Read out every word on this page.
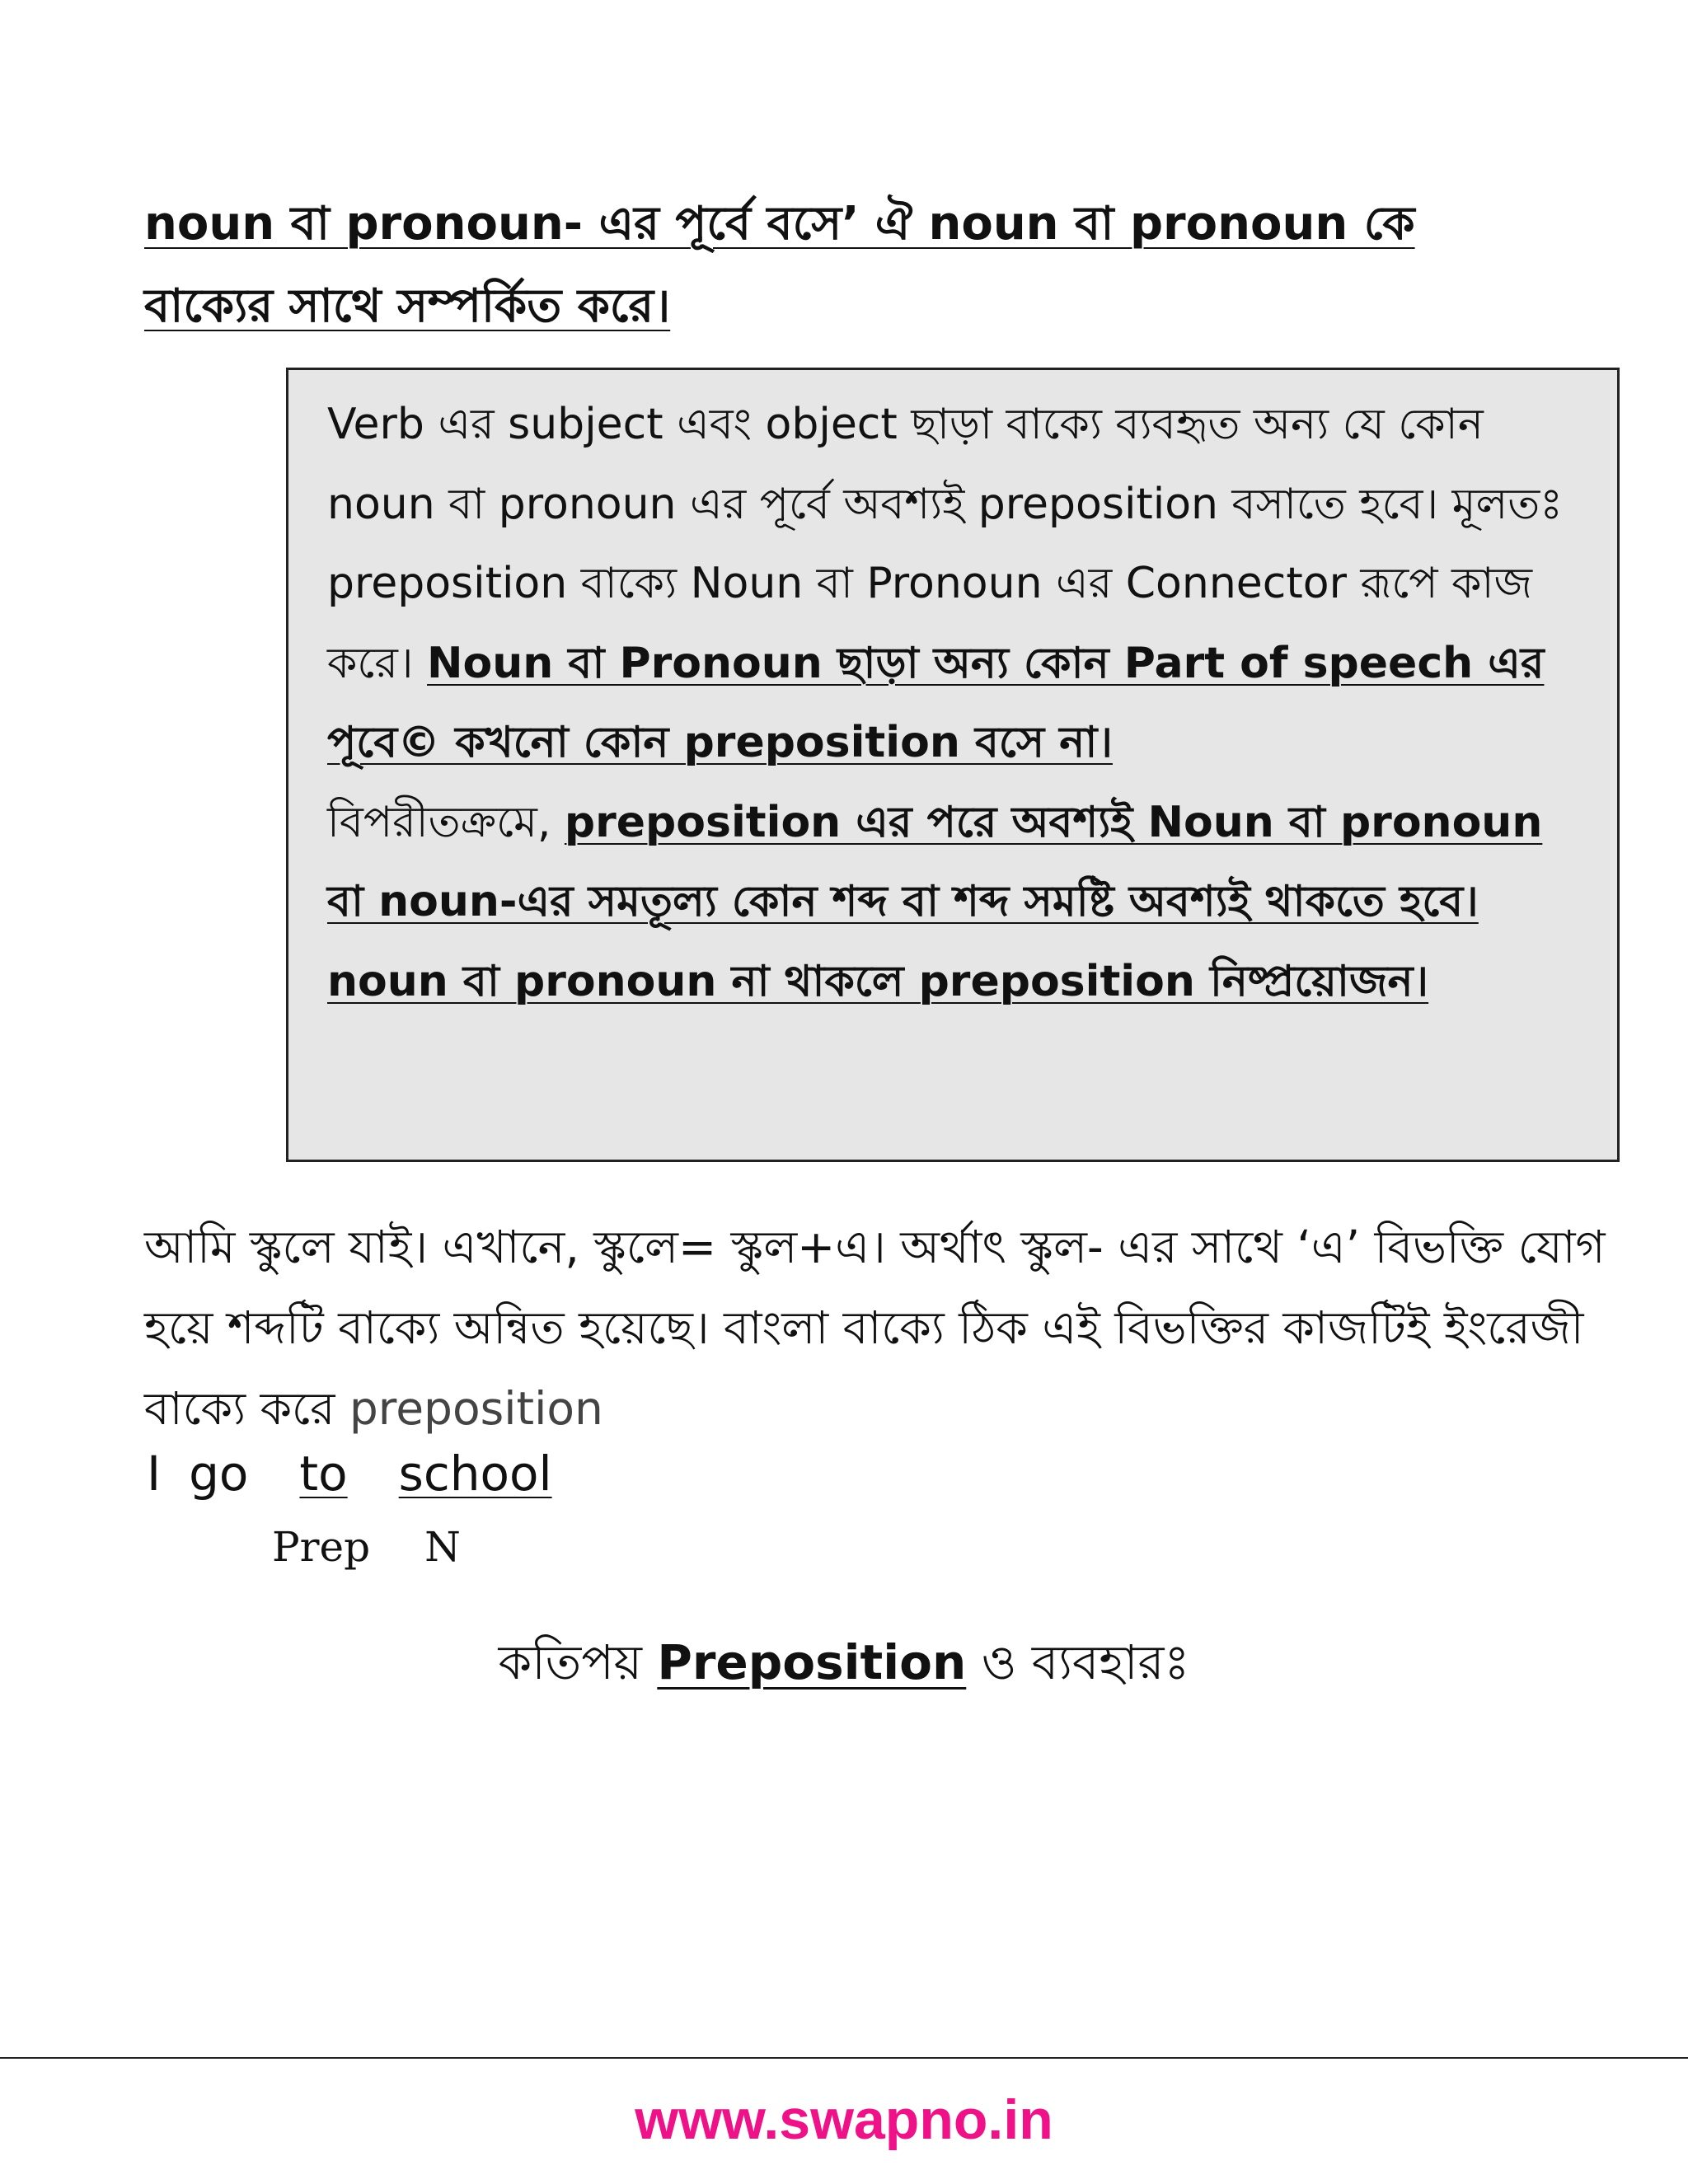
noun বা pronoun- এর পূর্বে বসে’ ঐ noun বা pronoun কে
বাক্যের সাথে সম্পর্কিত করে।

Verb এর subject এবং object ছাড়া বাক্যে ব্যবহৃত অন্য যে কোন noun বা pronoun এর পূর্বে অবশ্যই preposition বসাতে হবে। মূলতঃ preposition বাক্যে Noun বা Pronoun এর Connector রূপে কাজ করে। Noun বা Pronoun ছাড়া অন্য কোন Part of speech এর পূবে© কখনো কোন preposition বসে না।
বিপরীতক্রমে, preposition এর পরে অবশ্যই Noun বা pronoun বা noun-এর সমতূল্য কোন শব্দ বা শব্দ সমষ্টি অবশ্যই থাকতে হবে। noun বা pronoun না থাকলে preposition নিষ্প্রয়োজন।

আমি স্কুলে যাই। এখানে, স্কুলে= স্কুল+এ। অর্থাৎ স্কুল- এর সাথে ‘এ’ বিভক্তি যোগ হয়ে শব্দটি বাক্যে অন্বিত হয়েছে। বাংলা বাক্যে ঠিক এই বিভক্তির কাজটিই ইংরেজী বাক্যে করে preposition

I go to school
Prep N
কতিপয় Preposition ও ব্যবহারঃ
www.swapno.in
